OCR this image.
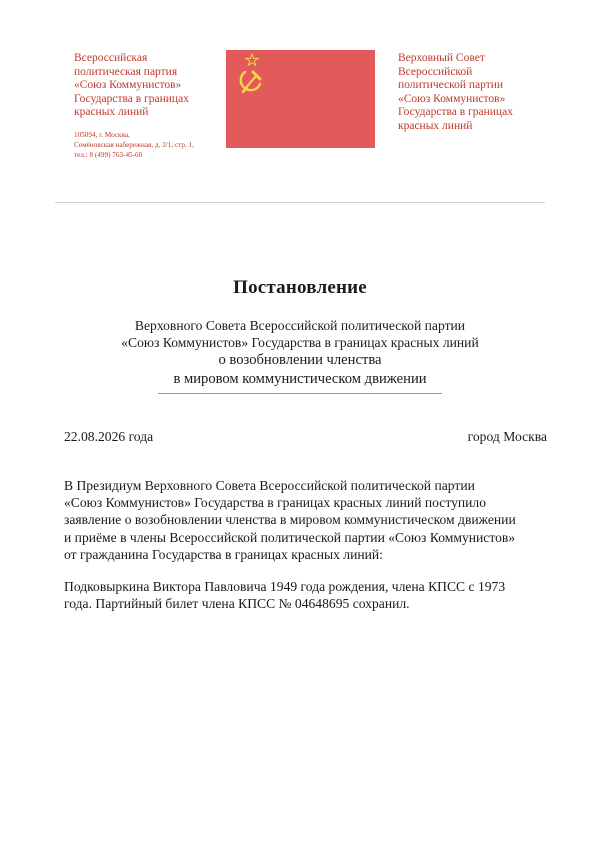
Всероссийская
политическая партия
«Союз Коммунистов»
Государства в границах
красных линий
105094, г. Москва,
Семёновская набережная, д. 2/1, стр. 1,
тел.: 8 (499) 763-45-60
Верховный Совет
Всероссийской
политической партии
«Союз Коммунистов»
Государства в границах
красных линий
Постановление
Верховного Совета Всероссийской политической партии
«Союз Коммунистов» Государства в границах красных линий
о возобновлении членства
в мировом коммунистическом движении
22.08.2026 года	город Москва
В Президиум Верховного Совета Всероссийской политической партии
«Союз Коммунистов» Государства в границах красных линий поступило
заявление о возобновлении членства в мировом коммунистическом движении
и приёме в члены Всероссийской политической партии «Союз Коммунистов»
от гражданина Государства в границах красных линий:
Подковыркина Виктора Павловича 1949 года рождения, члена КПСС с 1973
года. Партийный билет члена КПСС № 04648695 сохранил.
